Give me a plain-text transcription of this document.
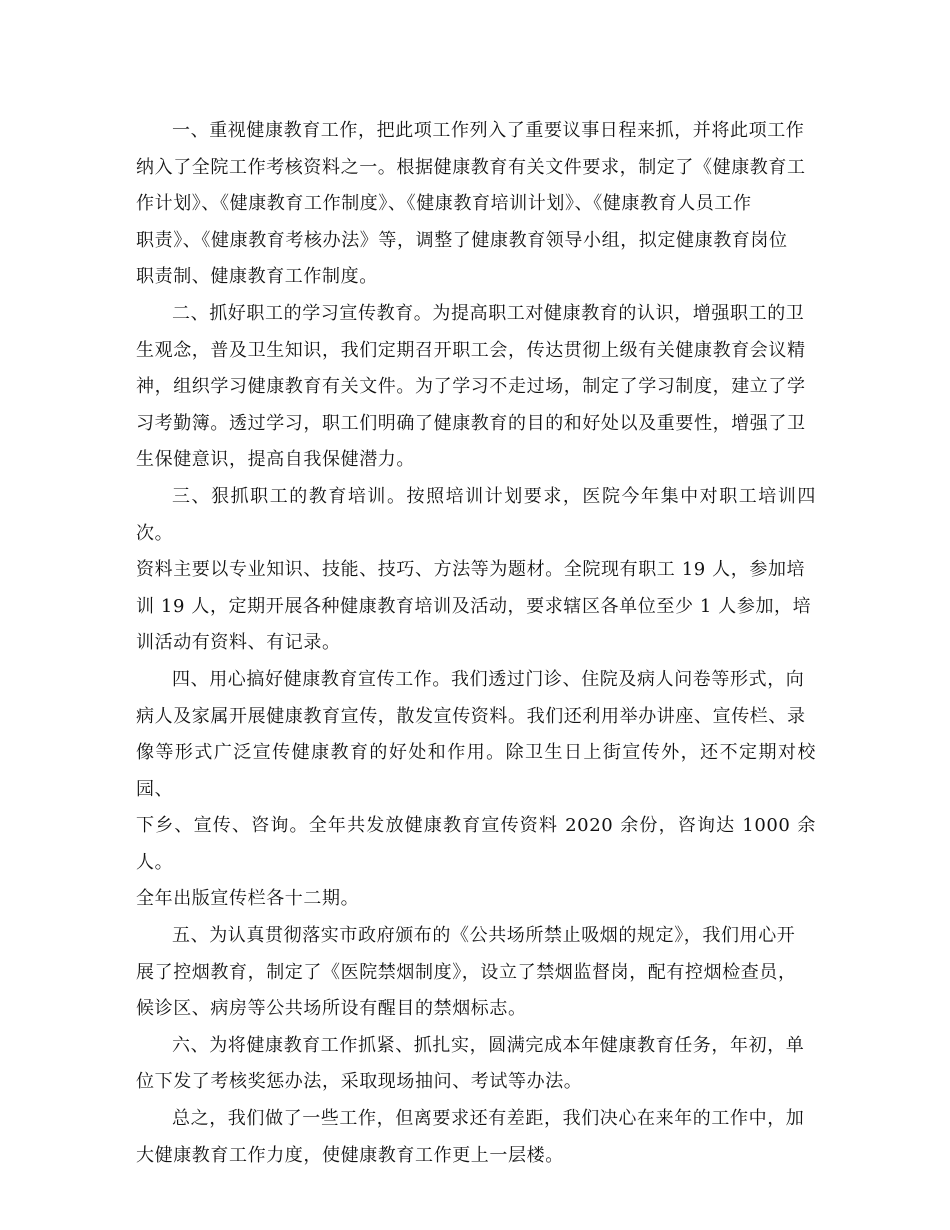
一、重视健康教育工作，把此项工作列入了重要议事日程来抓，并将此项工作
纳入了全院工作考核资料之一。根据健康教育有关文件要求，制定了《健康教育工
作计划》、《健康教育工作制度》、《健康教育培训计划》、《健康教育人员工作
职责》、《健康教育考核办法》等，调整了健康教育领导小组，拟定健康教育岗位
职责制、健康教育工作制度。

二、抓好职工的学习宣传教育。为提高职工对健康教育的认识，增强职工的卫
生观念，普及卫生知识，我们定期召开职工会，传达贯彻上级有关健康教育会议精
神，组织学习健康教育有关文件。为了学习不走过场，制定了学习制度，建立了学
习考勤簿。透过学习，职工们明确了健康教育的目的和好处以及重要性，增强了卫
生保健意识，提高自我保健潜力。

三、狠抓职工的教育培训。按照培训计划要求，医院今年集中对职工培训四次。
资料主要以专业知识、技能、技巧、方法等为题材。全院现有职工 19 人，参加培
训 19 人，定期开展各种健康教育培训及活动，要求辖区各单位至少 1 人参加，培
训活动有资料、有记录。

四、用心搞好健康教育宣传工作。我们透过门诊、住院及病人问卷等形式，向
病人及家属开展健康教育宣传，散发宣传资料。我们还利用举办讲座、宣传栏、录
像等形式广泛宣传健康教育的好处和作用。除卫生日上街宣传外，还不定期对校园、
下乡、宣传、咨询。全年共发放健康教育宣传资料 2020 余份，咨询达 1000 余人。
全年出版宣传栏各十二期。

五、为认真贯彻落实市政府颁布的《公共场所禁止吸烟的规定》，我们用心开
展了控烟教育，制定了《医院禁烟制度》，设立了禁烟监督岗，配有控烟检查员，
候诊区、病房等公共场所设有醒目的禁烟标志。

六、为将健康教育工作抓紧、抓扎实，圆满完成本年健康教育任务，年初，单
位下发了考核奖惩办法，采取现场抽问、考试等办法。

总之，我们做了一些工作，但离要求还有差距，我们决心在来年的工作中，加
大健康教育工作力度，使健康教育工作更上一层楼。
